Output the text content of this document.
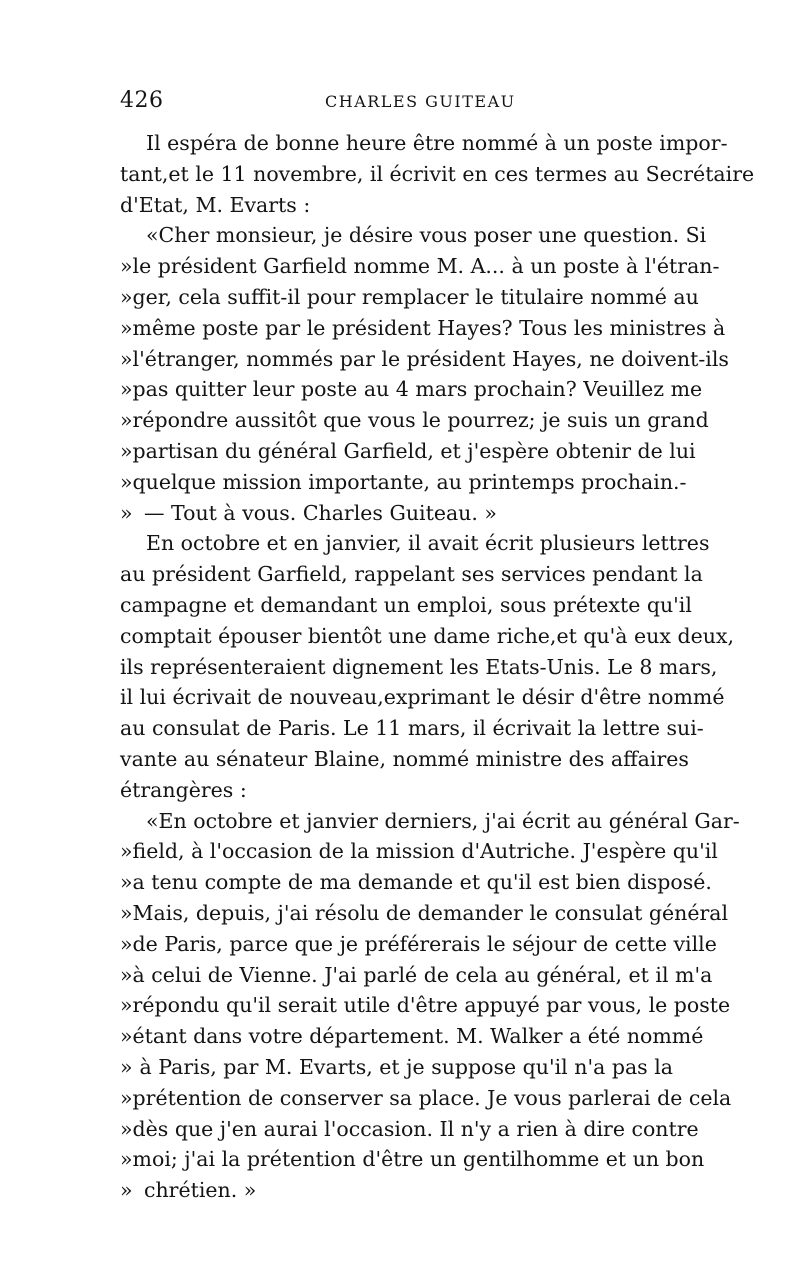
426	CHARLES GUITEAU
Il espéra de bonne heure être nommé à un poste impor-
tant,et le 11 novembre, il écrivit en ces termes au Secrétaire
d'Etat, M. Evarts :
« Cher monsieur, je désire vous poser une question. Si
» le président Garfield nomme M. A... à un poste à l'étran-
» ger, cela suffit-il pour remplacer le titulaire nommé au
» même poste par le président Hayes? Tous les ministres à
» l'étranger, nommés par le président Hayes, ne doivent-ils
» pas quitter leur poste au 4 mars prochain? Veuillez me
» répondre aussitôt que vous le pourrez; je suis un grand
» partisan du général Garfield, et j'espère obtenir de lui
» quelque mission importante, au printemps prochain.-
» — Tout à vous. Charles Guiteau. »
En octobre et en janvier, il avait écrit plusieurs lettres
au président Garfield, rappelant ses services pendant la
campagne et demandant un emploi, sous prétexte qu'il
comptait épouser bientôt une dame riche,et qu'à eux deux,
ils représenteraient dignement les Etats-Unis. Le 8 mars,
il lui écrivait de nouveau,exprimant le désir d'être nommé
au consulat de Paris. Le 11 mars, il écrivait la lettre sui-
vante au sénateur Blaine, nommé ministre des affaires
étrangères :
« En octobre et janvier derniers, j'ai écrit au général Gar-
» field, à l'occasion de la mission d'Autriche. J'espère qu'il
» a tenu compte de ma demande et qu'il est bien disposé.
» Mais, depuis, j'ai résolu de demander le consulat général
» de Paris, parce que je préférerais le séjour de cette ville
» à celui de Vienne. J'ai parlé de cela au général, et il m'a
» répondu qu'il serait utile d'être appuyé par vous, le poste
» étant dans votre département. M. Walker a été nommé
» à Paris, par M. Evarts, et je suppose qu'il n'a pas la
» prétention de conserver sa place. Je vous parlerai de cela
» dès que j'en aurai l'occasion. Il n'y a rien à dire contre
» moi; j'ai la prétention d'être un gentilhomme et un bon
» chrétien. »
